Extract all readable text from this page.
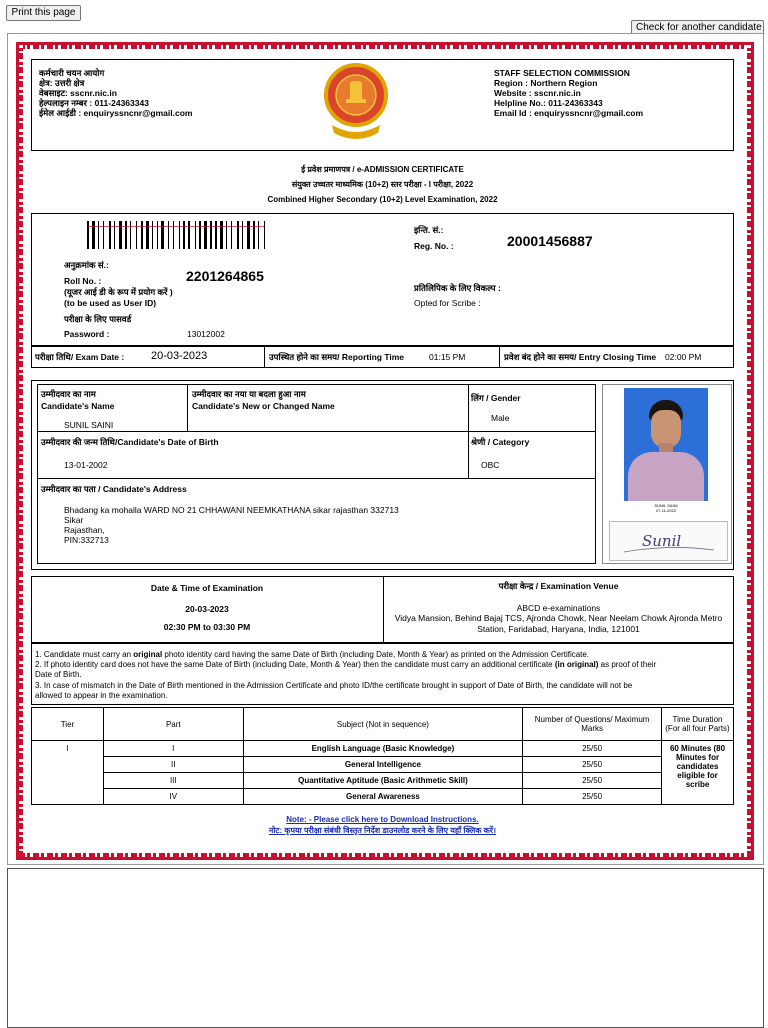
Print this page
Check for another candidate
कर्मचारी चयन आयोग
क्षेत्र: उत्तरी क्षेत्र
वेबसाइट: sscnr.nic.in
हेल्पलाइन नम्बर : 011-24363343
ईमेल आईडी : enquiryssncnr@gmail.com
STAFF SELECTION COMMISSION
Region : Northern Region
Website : sscnr.nic.in
Helpline No.: 011-24363343
Email Id : enquiryssncnr@gmail.com
ई प्रवेश प्रमाणपत्र / e-ADMISSION CERTIFICATE
संयुक्त उच्चतर माध्यमिक (10+2) स्तर परीक्षा - I परीक्षा, 2022
Combined Higher Secondary (10+2) Level Examination, 2022
इन्ति. सं.:
Reg. No. :	20001456887
प्रतिलिपिक के लिए विकल्प :
Opted for Scribe :
अनुक्रमांक सं.:
Roll No. :	2201264865
(यूजर आई डी के रूप में प्रयोग करें )
(to be used as User ID)
परीक्षा के लिए पासवर्ड
Password :	13012002
परीक्षा तिथि/ Exam Date : 20-03-2023	उपस्थित होने का समय/ Reporting Time	01:15 PM	प्रवेश बंद होने का समय/ Entry Closing Time 02:00 PM
उम्मीदवार का नाम
Candidate's Name
SUNIL SAINI
उम्मीदवार का नया या बदला हुआ नाम
Candidate's New or Changed Name
लिंग / Gender
Male
उम्मीदवार की जन्म तिथि/Candidate's Date of Birth
13-01-2002
श्रेणी / Category
OBC
उम्मीदवार का पता / Candidate's Address
Bhadang ka mohalla WARD NO 21 CHHAWANI NEEMKATHANA sikar rajasthan 332713
Sikar
Rajasthan,
PIN:332713
SUNIL SAINI
27-11-2022
Sunil
Date & Time of Examination
20-03-2023
02:30 PM to 03:30 PM
परीक्षा केन्द्र / Examination Venue
ABCD e-examinations
Vidya Mansion, Behind Bajaj TCS, Ajronda Chowk, Near Neelam Chowk Ajronda Metro
Station, Faridabad, Haryana, India, 121001
1. Candidate must carry an original photo identity card having the same Date of Birth (including Date, Month & Year) as printed on the Admission Certificate.
2. If photo identity card does not have the same Date of Birth (including Date, Month & Year) then the candidate must carry an additional certificate (in original) as proof of their
Date of Birth.
3. In case of mismatch in the Date of Birth mentioned in the Admission Certificate and photo ID/the certificate brought in support of Date of Birth, the candidate will not be
allowed to appear in the examination.
Tier	Part	Subject (Not in sequence)	Number of Questions/ Maximum Marks	Time Duration (For all four Parts)
I	I	English Language (Basic Knowledge)	25/50	60 Minutes (80 Minutes for candidates eligible for scribe
	II	General Intelligence	25/50	
	III	Quantitative Aptitude (Basic Arithmetic Skill)	25/50	
	IV	General Awareness	25/50	
Note: - Please click here to Download Instructions.
नोट: कृपया परीक्षा संबंधी विस्तृत निर्देश डाउनलोड करने के लिए यहाँ क्लिक करें।
